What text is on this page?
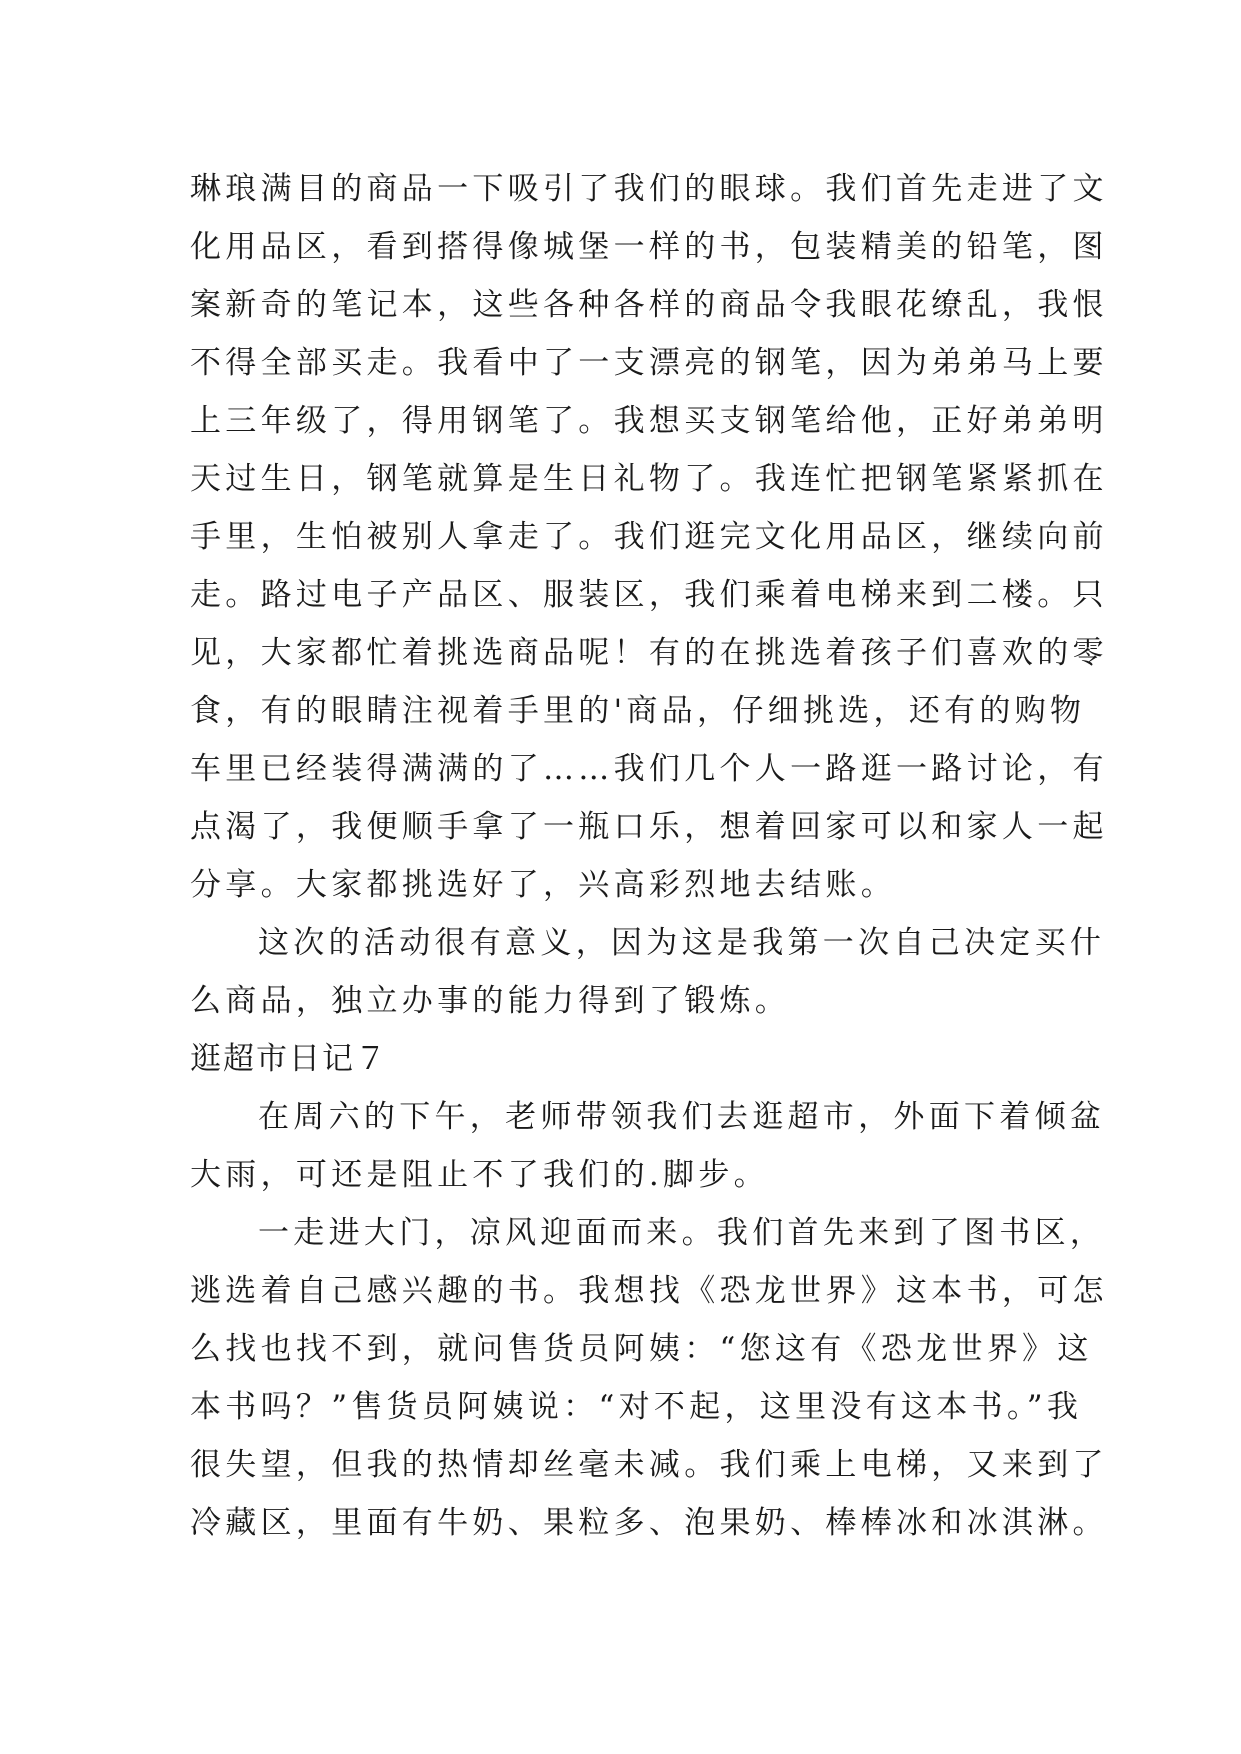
琳琅满目的商品一下吸引了我们的眼球。我们首先走进了文
化用品区，看到搭得像城堡一样的书，包装精美的铅笔，图
案新奇的笔记本，这些各种各样的商品令我眼花缭乱，我恨
不得全部买走。我看中了一支漂亮的钢笔，因为弟弟马上要
上三年级了，得用钢笔了。我想买支钢笔给他，正好弟弟明
天过生日，钢笔就算是生日礼物了。我连忙把钢笔紧紧抓在
手里，生怕被别人拿走了。我们逛完文化用品区，继续向前
走。路过电子产品区、服装区，我们乘着电梯来到二楼。只
见，大家都忙着挑选商品呢！有的在挑选着孩子们喜欢的零
食，有的眼睛注视着手里的'商品，仔细挑选，还有的购物
车里已经装得满满的了……我们几个人一路逛一路讨论，有
点渴了，我便顺手拿了一瓶口乐，想着回家可以和家人一起
分享。大家都挑选好了，兴高彩烈地去结账。
这次的活动很有意义，因为这是我第一次自己决定买什
么商品，独立办事的能力得到了锻炼。
逛超市日记７
在周六的下午，老师带领我们去逛超市，外面下着倾盆
大雨，可还是阻止不了我们的.脚步。
一走进大门，凉风迎面而来。我们首先来到了图书区，
逃选着自己感兴趣的书。我想找《恐龙世界》这本书，可怎
么找也找不到，就问售货员阿姨：“您这有《恐龙世界》这
本书吗？”售货员阿姨说：“对不起，这里没有这本书。”我
很失望，但我的热情却丝毫未减。我们乘上电梯，又来到了
冷藏区，里面有牛奶、果粒多、泡果奶、棒棒冰和冰淇淋。
